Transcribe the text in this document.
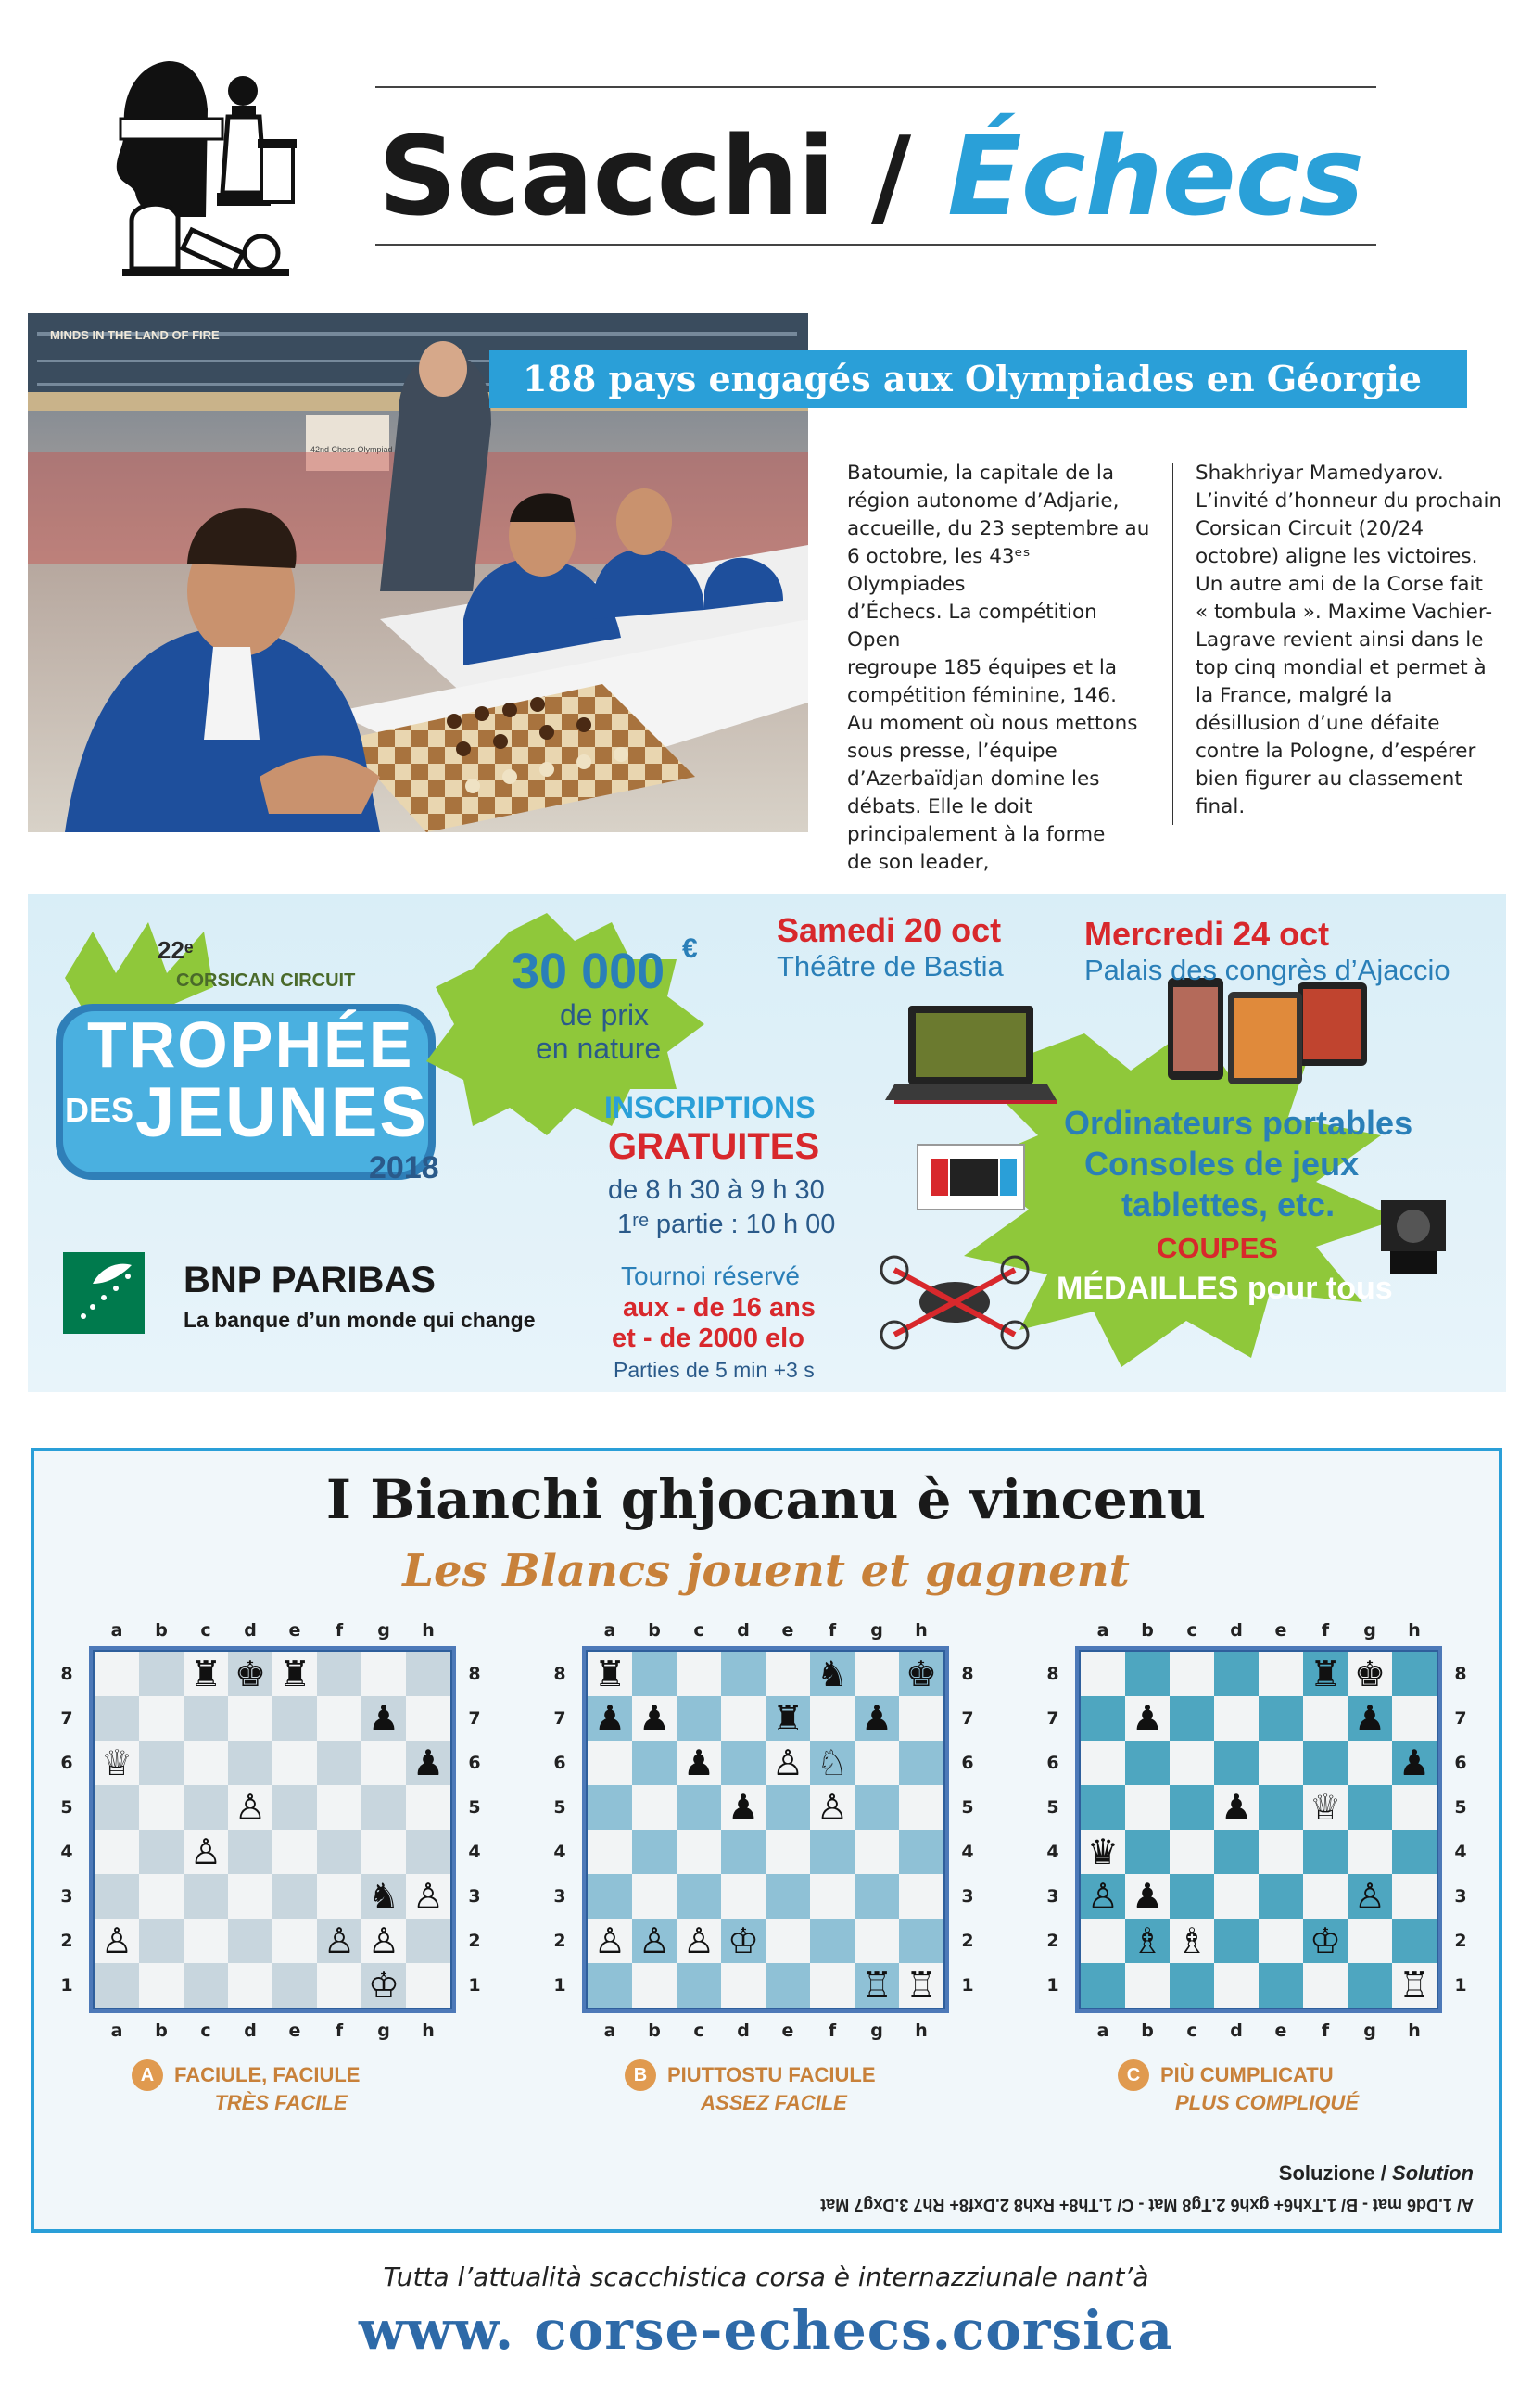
Scacchi / Échecs
MINDS IN THE LAND OF FIRE
42nd Chess Olympiad
188 pays engagés aux Olympiades en Géorgie
Batoumie, la capitale de la
région autonome d’Adjarie,
accueille, du 23 septembre au
6 octobre, les 43ᵉˢ Olympiades
d’Échecs. La compétition Open
regroupe 185 équipes et la
compétition féminine, 146.
Au moment où nous mettons
sous presse, l’équipe
d’Azerbaïdjan domine les
débats. Elle le doit
principalement à la forme
de son leader,
Shakhriyar Mamedyarov.
L’invité d’honneur du prochain
Corsican Circuit (20/24
octobre) aligne les victoires.
Un autre ami de la Corse fait
« tombula ». Maxime Vachier-
Lagrave revient ainsi dans le
top cinq mondial et permet à
la France, malgré la
désillusion d’une défaite
contre la Pologne, d’espérer
bien figurer au classement
final.
22ᵉ
CORSICAN CIRCUIT
TROPHÉE
DES JEUNES
2018
BNP PARIBAS
La banque d’un monde qui change
30 000 €
de prix
en nature
INSCRIPTIONS
GRATUITES
de 8 h 30 à 9 h 30
1ʳᵉ partie : 10 h 00
Tournoi réservé
aux - de 16 ans
et - de 2000 elo
Parties de 5 min +3 s
Samedi 20 oct
Théâtre de Bastia
Mercredi 24 oct
Palais des congrès d’Ajaccio
Ordinateurs portables
Consoles de jeux
tablettes, etc.
COUPES
MÉDAILLES pour tous
I Bianchi ghjocanu è vincenu
Les Blancs jouent et gagnent
a
a
b
b
c
c
d
d
e
e
f
f
g
g
h
h
8	8
7	7
6	6
5	5
4	4
3	3
2	2
1	1
♜ ♚ ♜
♟
♟
♕
♙
♙
♞ ♙
♙	♙ ♙
♔
A FACIULE, FACIULE
TRÈS FACILE
a
a
b
b
c
c
d
d
e
e
f
f
g
g
h
h
8	8
7	7
6	6
5	5
4	4
3	3
2	2
1	1
♜	♞ ♚
♟ ♟	♜ ♟
♟ ♙ ♘
♟ ♙
♙ ♙ ♙ ♔
♖ ♖
B PIUTTOSTU FACIULE
ASSEZ FACILE
a
a
b
b
c
c
d
d
e
e
f
f
g
g
h
h
8	8
7	7
6	6
5	5
4	4
3	3
2	2
1	1
♜ ♚
♟	♟
♟
♟ ♕
♛
♙ ♟	♙
♗ ♗	♔
♖
C PIÙ CUMPLICATU
PLUS COMPLIQUÉ
Soluzione / Solution
A/ 1.Dd6 mat - B/ 1.Txh6+ gxh6 2.Tg8 Mat - C/ 1.Th8+ Rxh8 2.Dxf8+ Rh7 3.Dxg7 Mat
Tutta l’attualità scacchistica corsa è internazziunale nant’à
www. corse-echecs.corsica
